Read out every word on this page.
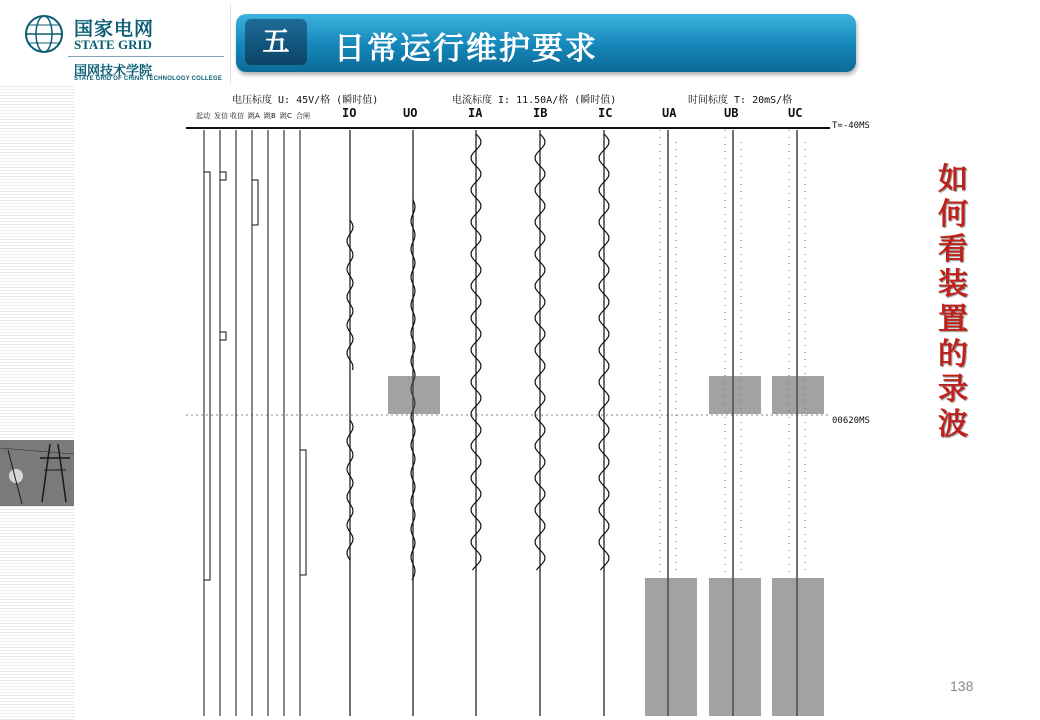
国家电网
STATE GRID
国网技术学院
STATE GRID OF CHINA TECHNOLOGY COLLEGE
五	日常运行维护要求
电压标度 U: 45V/格 (瞬时值)	电流标度 I: 11.50A/格 (瞬时值)	时间标度 T: 20mS/格
起动 发信 收信 跳A 跳B 跳C 合闸	IO	UO	IA	IB	IC	UA	UB	UC
T=-40MS
00620MS
如
何
看
装
置
的
录
波
138
